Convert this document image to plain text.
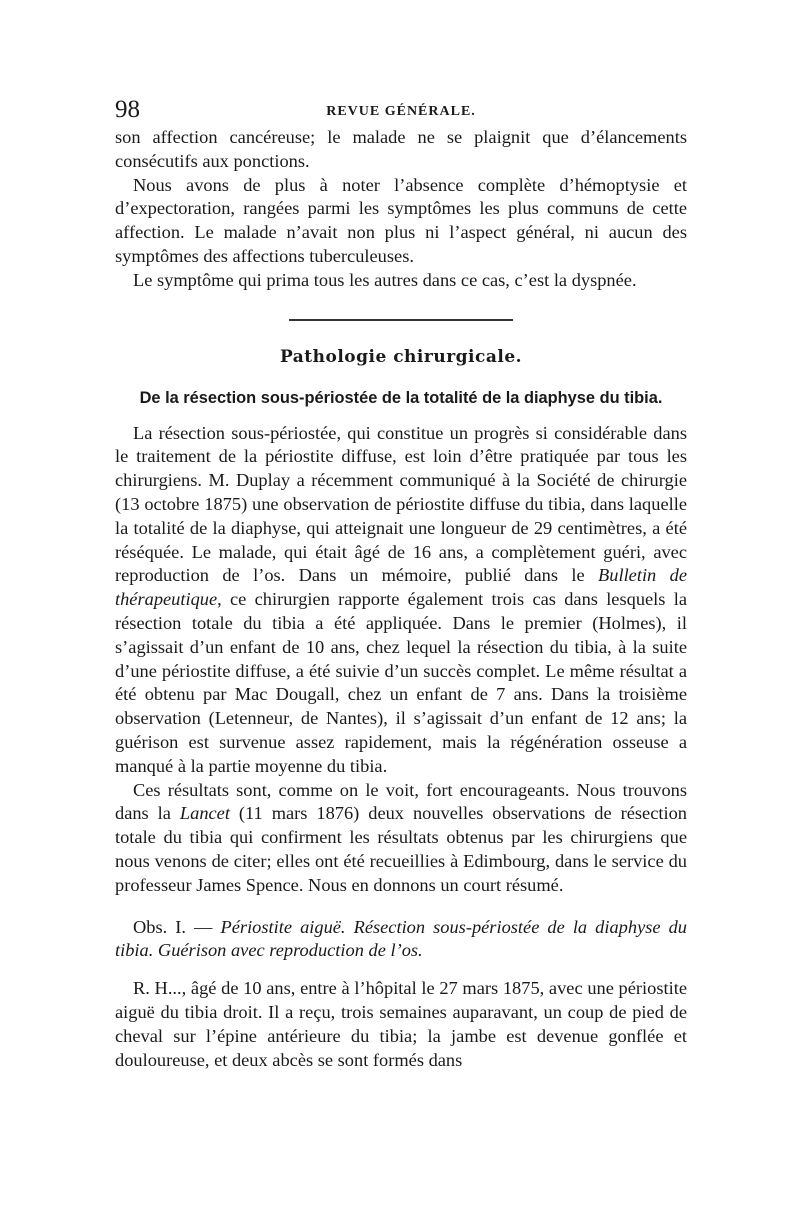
98	REVUE GÉNÉRALE.

son affection cancéreuse; le malade ne se plaignit que d’élancements consécutifs aux ponctions.

Nous avons de plus à noter l’absence complète d’hémoptysie et d’expectoration, rangées parmi les symptômes les plus communs de cette affection. Le malade n’avait non plus ni l’aspect général, ni aucun des symptômes des affections tuberculeuses.

Le symptôme qui prima tous les autres dans ce cas, c’est la dyspnée.

Pathologie chirurgicale.
De la résection sous-périostée de la totalité de la diaphyse du tibia.

La résection sous-périostée, qui constitue un progrès si considérable dans le traitement de la périostite diffuse, est loin d’être pratiquée par tous les chirurgiens. M. Duplay a récemment communiqué à la Société de chirurgie (13 octobre 1875) une observation de périostite diffuse du tibia, dans laquelle la totalité de la diaphyse, qui atteignait une longueur de 29 centimètres, a été réséquée. Le malade, qui était âgé de 16 ans, a complètement guéri, avec reproduction de l’os. Dans un mémoire, publié dans le Bulletin de thérapeutique, ce chirurgien rapporte également trois cas dans lesquels la résection totale du tibia a été appliquée. Dans le premier (Holmes), il s’agissait d’un enfant de 10 ans, chez lequel la résection du tibia, à la suite d’une périostite diffuse, a été suivie d’un succès complet. Le même résultat a été obtenu par Mac Dougall, chez un enfant de 7 ans. Dans la troisième observation (Letenneur, de Nantes), il s’agissait d’un enfant de 12 ans; la guérison est survenue assez rapidement, mais la régénération osseuse a manqué à la partie moyenne du tibia.

Ces résultats sont, comme on le voit, fort encourageants. Nous trouvons dans la Lancet (11 mars 1876) deux nouvelles observations de résection totale du tibia qui confirment les résultats obtenus par les chirurgiens que nous venons de citer; elles ont été recueillies à Edimbourg, dans le service du professeur James Spence. Nous en donnons un court résumé.

Obs. I. — Périostite aiguë. Résection sous-périostée de la diaphyse du tibia. Guérison avec reproduction de l’os.

R. H..., âgé de 10 ans, entre à l’hôpital le 27 mars 1875, avec une périostite aiguë du tibia droit. Il a reçu, trois semaines auparavant, un coup de pied de cheval sur l’épine antérieure du tibia; la jambe est devenue gonflée et douloureuse, et deux abcès se sont formés dans
